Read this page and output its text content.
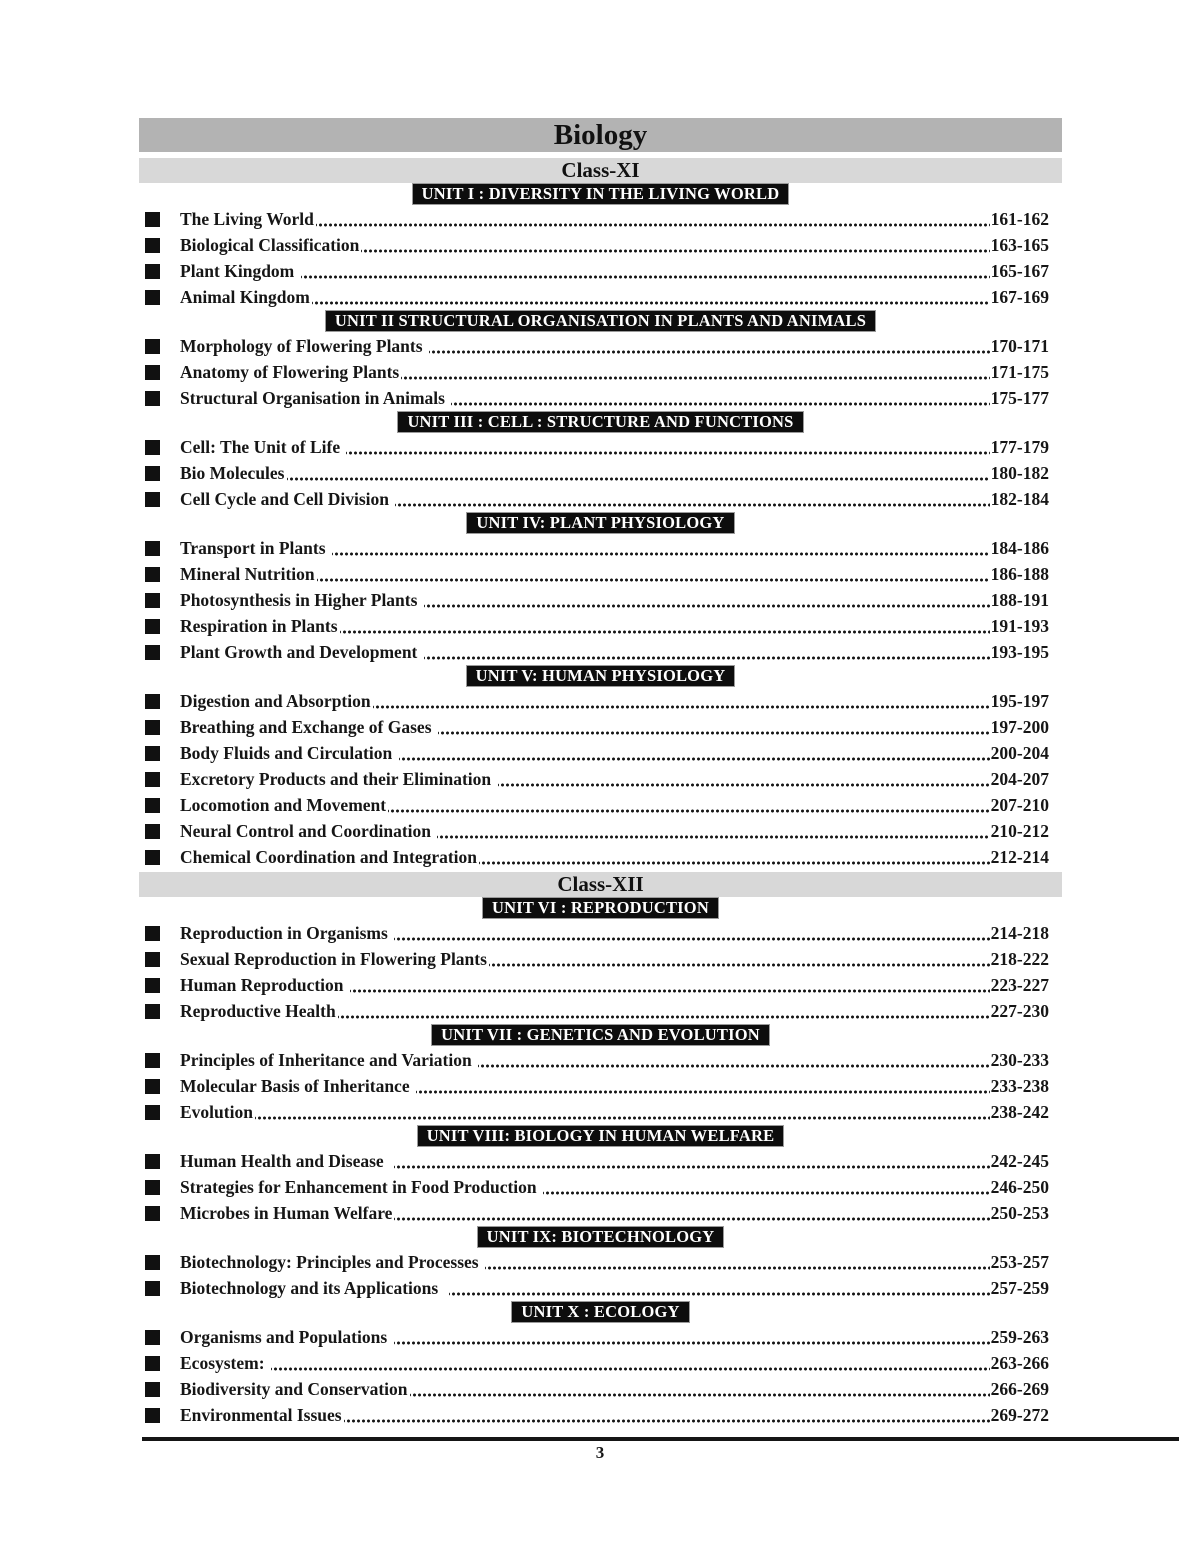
Biology
Class-XI
UNIT I : DIVERSITY IN THE LIVING WORLD
The Living World	161-162
Biological Classification	163-165
Plant Kingdom	165-167
Animal Kingdom	167-169
UNIT II STRUCTURAL ORGANISATION IN PLANTS AND ANIMALS
Morphology of Flowering Plants	170-171
Anatomy of Flowering Plants	171-175
Structural Organisation in Animals	175-177
UNIT III : CELL : STRUCTURE AND FUNCTIONS
Cell: The Unit of Life	177-179
Bio Molecules	180-182
Cell Cycle and Cell Division	182-184
UNIT IV: PLANT PHYSIOLOGY
Transport in Plants	184-186
Mineral Nutrition	186-188
Photosynthesis in Higher Plants	188-191
Respiration in Plants	191-193
Plant Growth and Development	193-195
UNIT V: HUMAN PHYSIOLOGY
Digestion and Absorption	195-197
Breathing and Exchange of Gases	197-200
Body Fluids and Circulation	200-204
Excretory Products and their Elimination	204-207
Locomotion and Movement	207-210
Neural Control and Coordination	210-212
Chemical Coordination and Integration	212-214
Class-XII
UNIT VI : REPRODUCTION
Reproduction in Organisms	214-218
Sexual Reproduction in Flowering Plants	218-222
Human Reproduction	223-227
Reproductive Health	227-230
UNIT VII : GENETICS AND EVOLUTION
Principles of Inheritance and Variation	230-233
Molecular Basis of Inheritance	233-238
Evolution	238-242
UNIT VIII: BIOLOGY IN HUMAN WELFARE
Human Health and Disease	242-245
Strategies for Enhancement in Food Production	246-250
Microbes in Human Welfare	250-253
UNIT IX: BIOTECHNOLOGY
Biotechnology: Principles and Processes	253-257
Biotechnology and its Applications	257-259
UNIT X : ECOLOGY
Organisms and Populations	259-263
Ecosystem:	263-266
Biodiversity and Conservation	266-269
Environmental Issues	269-272
3
